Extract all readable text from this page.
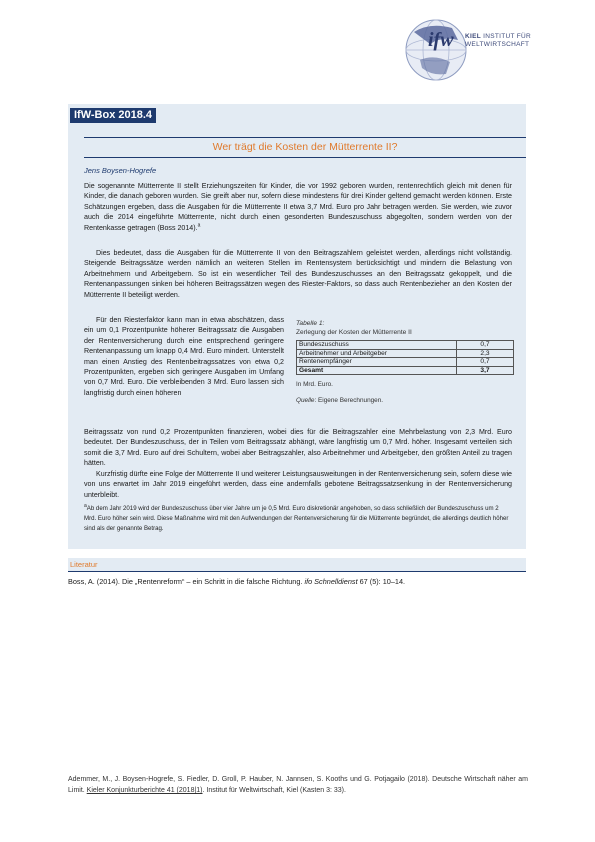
ifw KIEL INSTITUT FÜR
WELTWIRTSCHAFT
IfW-Box 2018.4
Wer trägt die Kosten der Mütterrente II?
Jens Boysen-Hogrefe
Die sogenannte Mütterrente II stellt Erziehungszeiten für Kinder, die vor 1992 geboren wurden, rentenrechtlich gleich mit denen für Kinder, die danach geboren wurden. Sie greift aber nur, sofern diese mindestens für drei Kinder geltend gemacht werden können. Erste Schätzungen ergeben, dass die Ausgaben für die Mütterrente II etwa 3,7 Mrd. Euro pro Jahr betragen werden. Sie werden, wie zuvor auch die 2014 eingeführte Mütterrente, nicht durch einen gesonderten Bundeszuschuss abgegolten, sondern werden von der Rentenkasse getragen (Boss 2014).$^a$
Dies bedeutet, dass die Ausgaben für die Mütterrente II von den Beitragszahlern geleistet werden, allerdings nicht vollständig. Steigende Beitragssätze werden nämlich an weiteren Stellen im Rentensystem berücksichtigt und mindern die Belastung von Arbeitnehmern und Arbeitgebern. So ist ein wesentlicher Teil des Bundeszuschusses an den Beitragssatz gekoppelt, und die Rentenanpassungen sinken bei höheren Beitragssätzen wegen des Riester-Faktors, so dass auch Rentenbezieher an den Kosten der Mütterrente II beteiligt werden.
Für den Riesterfaktor kann man in etwa abschätzen, dass ein um 0,1 Prozentpunkte höherer Beitragssatz die Ausgaben der Rentenversicherung durch eine entsprechend geringere Rentenanpassung um knapp 0,4 Mrd. Euro mindert. Unterstellt man einen Anstieg des Rentenbeitragssatzes von etwa 0,2 Prozentpunkten, ergeben sich geringere Ausgaben im Umfang von 0,7 Mrd. Euro. Die verbleibenden 3 Mrd. Euro lassen sich langfristig durch einen höheren
Tabelle 1:
Zerlegung der Kosten der Mütterrente II
Bundeszuschuss	0,7
Arbeitnehmer und Arbeitgeber	2,3
Rentenempfänger	0,7
Gesamt	3,7
In Mrd. Euro.
Quelle: Eigene Berechnungen.
Beitragssatz von rund 0,2 Prozentpunkten finanzieren, wobei dies für die Beitragszahler eine Mehrbelastung von 2,3 Mrd. Euro bedeutet. Der Bundeszuschuss, der in Teilen vom Beitragssatz abhängt, wäre langfristig um 0,7 Mrd. höher. Insgesamt verteilen sich somit die 3,7 Mrd. Euro auf drei Schultern, wobei aber Beitragszahler, also Arbeitnehmer und Arbeitgeber, den größten Anteil zu tragen hätten.
Kurzfristig dürfte eine Folge der Mütterrente II und weiterer Leistungsausweitungen in der Rentenversicherung sein, sofern diese wie von uns erwartet im Jahr 2019 eingeführt werden, dass eine andernfalls gebotene Beitragssatzsenkung in der Rentenversicherung unterbleibt.
$^a$Ab dem Jahr 2019 wird der Bundeszuschuss über vier Jahre um je 0,5 Mrd. Euro diskretionär angehoben, so dass schließlich der Bundeszuschuss um 2 Mrd. Euro höher sein wird. Diese Maßnahme wird mit den Aufwendungen der Rentenversicherung für die Mütterrente begründet, die allerdings deutlich höher sind als der genannte Betrag.
Literatur
Boss, A. (2014). Die „Rentenreform“ – ein Schritt in die falsche Richtung. ifo Schnelldienst 67 (5): 10–14.
Ademmer, M., J. Boysen-Hogrefe, S. Fiedler, D. Groll, P. Hauber, N. Jannsen, S. Kooths und G. Potjagailo (2018). Deutsche Wirtschaft näher am Limit. Kieler Konjunkturberichte 41 (2018|1). Institut für Weltwirtschaft, Kiel (Kasten 3: 33).
